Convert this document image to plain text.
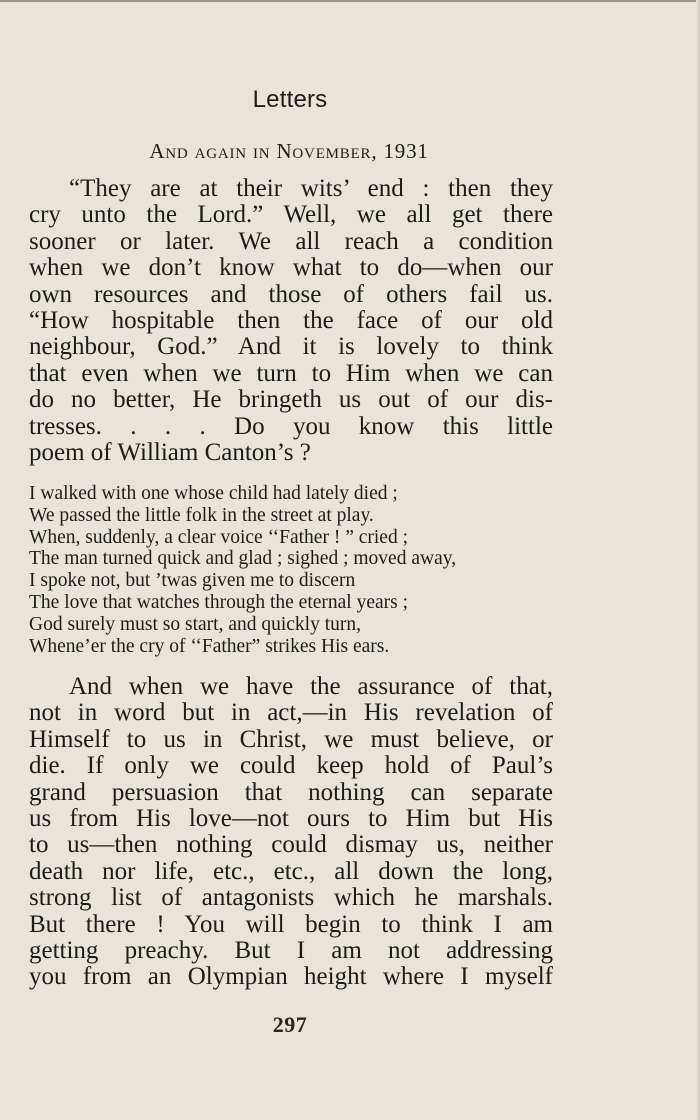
Letters
And again in November, 1931
“They are at their wits’ end : then they
cry unto the Lord.” Well, we all get there
sooner or later. We all reach a condition
when we don’t know what to do—when our
own resources and those of others fail us.
“How hospitable then the face of our old
neighbour, God.” And it is lovely to think
that even when we turn to Him when we can
do no better, He bringeth us out of our dis-
tresses. . . . Do you know this little
poem of William Canton’s ?
I walked with one whose child had lately died ;
We passed the little folk in the street at play.
When, suddenly, a clear voice ‘‘Father ! ” cried ;
The man turned quick and glad ; sighed ; moved away,
I spoke not, but ’twas given me to discern
The love that watches through the eternal years ;
God surely must so start, and quickly turn,
Whene’er the cry of ‘‘Father” strikes His ears.
And when we have the assurance of that,
not in word but in act,—in His revelation of
Himself to us in Christ, we must believe, or
die. If only we could keep hold of Paul’s
grand persuasion that nothing can separate
us from His love—not ours to Him but His
to us—then nothing could dismay us, neither
death nor life, etc., etc., all down the long,
strong list of antagonists which he marshals.
But there ! You will begin to think I am
getting preachy. But I am not addressing
you from an Olympian height where I myself
297
